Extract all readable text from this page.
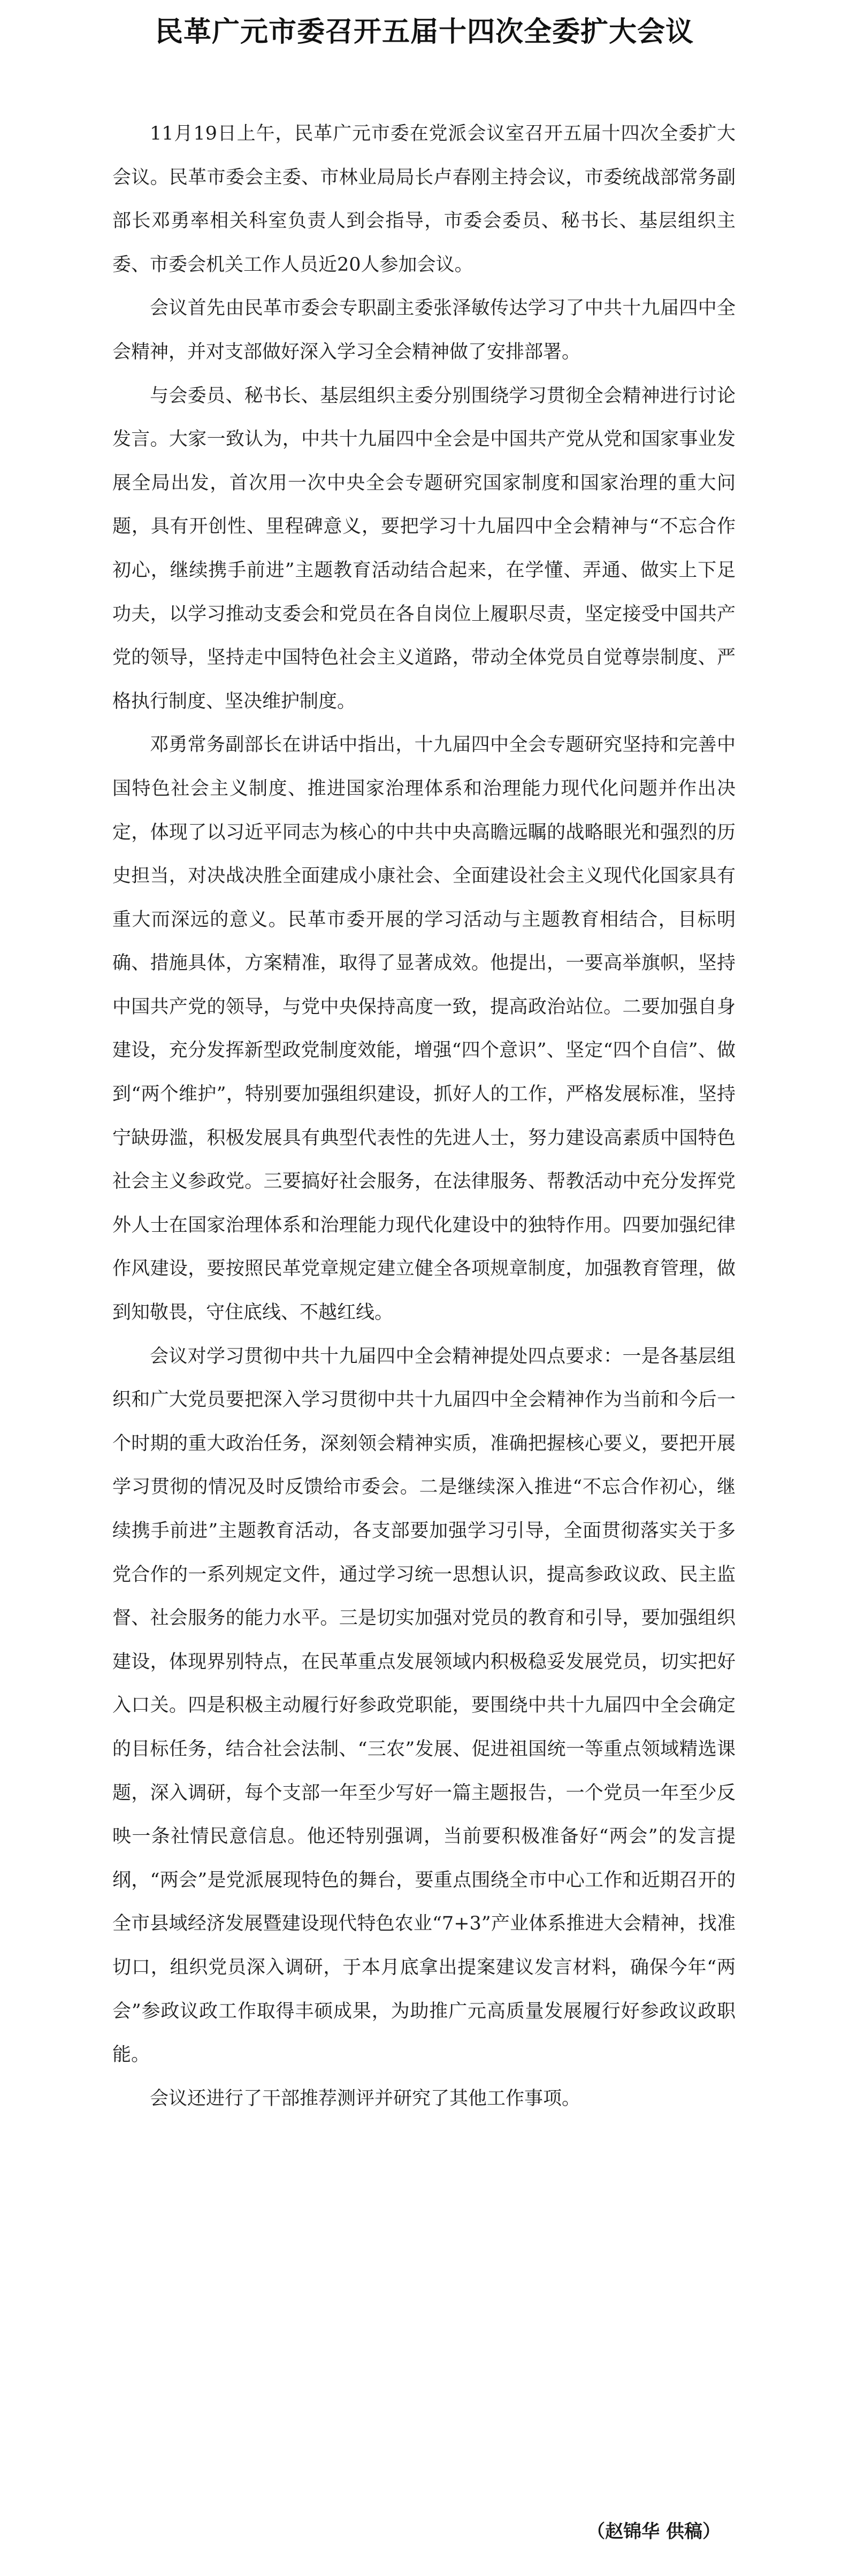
民革广元市委召开五届十四次全委扩大会议

11月19日上午，民革广元市委在党派会议室召开五届十四次全委扩大会议。民革市委会主委、市林业局局长卢春刚主持会议，市委统战部常务副部长邓勇率相关科室负责人到会指导，市委会委员、秘书长、基层组织主委、市委会机关工作人员近20人参加会议。

会议首先由民革市委会专职副主委张泽敏传达学习了中共十九届四中全会精神，并对支部做好深入学习全会精神做了安排部署。

与会委员、秘书长、基层组织主委分别围绕学习贯彻全会精神进行讨论发言。大家一致认为，中共十九届四中全会是中国共产党从党和国家事业发展全局出发，首次用一次中央全会专题研究国家制度和国家治理的重大问题，具有开创性、里程碑意义，要把学习十九届四中全会精神与“不忘合作初心，继续携手前进”主题教育活动结合起来，在学懂、弄通、做实上下足功夫，以学习推动支委会和党员在各自岗位上履职尽责，坚定接受中国共产党的领导，坚持走中国特色社会主义道路，带动全体党员自觉尊崇制度、严格执行制度、坚决维护制度。

邓勇常务副部长在讲话中指出，十九届四中全会专题研究坚持和完善中国特色社会主义制度、推进国家治理体系和治理能力现代化问题并作出决定，体现了以习近平同志为核心的中共中央高瞻远瞩的战略眼光和强烈的历史担当，对决战决胜全面建成小康社会、全面建设社会主义现代化国家具有重大而深远的意义。民革市委开展的学习活动与主题教育相结合，目标明确、措施具体，方案精准，取得了显著成效。他提出，一要高举旗帜，坚持中国共产党的领导，与党中央保持高度一致，提高政治站位。二要加强自身建设，充分发挥新型政党制度效能，增强“四个意识”、坚定“四个自信”、做到“两个维护”，特别要加强组织建设，抓好人的工作，严格发展标准，坚持宁缺毋滥，积极发展具有典型代表性的先进人士，努力建设高素质中国特色社会主义参政党。三要搞好社会服务，在法律服务、帮教活动中充分发挥党外人士在国家治理体系和治理能力现代化建设中的独特作用。四要加强纪律作风建设，要按照民革党章规定建立健全各项规章制度，加强教育管理，做到知敬畏，守住底线、不越红线。

会议对学习贯彻中共十九届四中全会精神提处四点要求：一是各基层组织和广大党员要把深入学习贯彻中共十九届四中全会精神作为当前和今后一个时期的重大政治任务，深刻领会精神实质，准确把握核心要义，要把开展学习贯彻的情况及时反馈给市委会。二是继续深入推进“不忘合作初心，继续携手前进”主题教育活动，各支部要加强学习引导，全面贯彻落实关于多党合作的一系列规定文件，通过学习统一思想认识，提高参政议政、民主监督、社会服务的能力水平。三是切实加强对党员的教育和引导，要加强组织建设，体现界别特点，在民革重点发展领域内积极稳妥发展党员，切实把好入口关。四是积极主动履行好参政党职能，要围绕中共十九届四中全会确定的目标任务，结合社会法制、“三农”发展、促进祖国统一等重点领域精选课题，深入调研，每个支部一年至少写好一篇主题报告，一个党员一年至少反映一条社情民意信息。他还特别强调，当前要积极准备好“两会”的发言提纲，“两会”是党派展现特色的舞台，要重点围绕全市中心工作和近期召开的全市县域经济发展暨建设现代特色农业“7+3”产业体系推进大会精神，找准切口，组织党员深入调研，于本月底拿出提案建议发言材料，确保今年“两会”参政议政工作取得丰硕成果，为助推广元高质量发展履行好参政议政职能。

会议还进行了干部推荐测评并研究了其他工作事项。

（赵锦华 供稿）
